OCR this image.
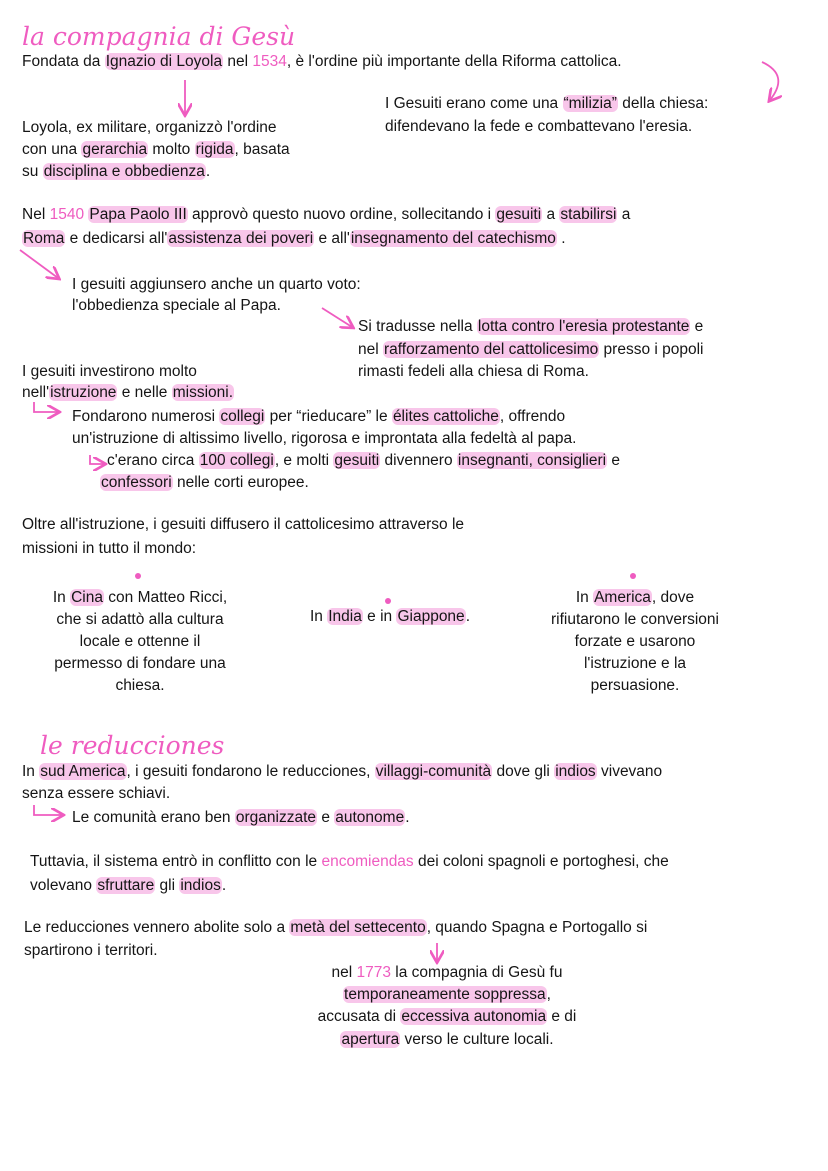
la compagnia di Gesù
Fondata da Ignazio di Loyola nel 1534, è l'ordine più importante della Riforma cattolica.
I Gesuiti erano come una “milizia” della chiesa:
difendevano la fede e combattevano l'eresia.
Loyola, ex militare, organizzò l'ordine
con una gerarchia molto rigida, basata
su disciplina e obbedienza.
Nel 1540 Papa Paolo III approvò questo nuovo ordine, sollecitando i gesuiti a stabilirsi a
Roma e dedicarsi all'assistenza dei poveri e all'insegnamento del catechismo .
I gesuiti aggiunsero anche un quarto voto:
l'obbedienza speciale al Papa.
Si tradusse nella lotta contro l'eresia protestante e
nel rafforzamento del cattolicesimo presso i popoli
rimasti fedeli alla chiesa di Roma.
I gesuiti investirono molto
nell'istruzione e nelle missioni.
Fondarono numerosi collegi per “rieducare” le élites cattoliche, offrendo
un'istruzione di altissimo livello, rigorosa e improntata alla fedeltà al papa.
c'erano circa 100 collegi, e molti gesuiti divennero insegnanti, consiglieri e
confessori nelle corti europee.
Oltre all'istruzione, i gesuiti diffusero il cattolicesimo attraverso le
missioni in tutto il mondo:
In Cina con Matteo Ricci,
che si adattò alla cultura
locale e ottenne il
permesso di fondare una
chiesa.
In India e in Giappone.
In America, dove
rifiutarono le conversioni
forzate e usarono
l'istruzione e la
persuasione.
le reducciones
In sud America, i gesuiti fondarono le reducciones, villaggi-comunità dove gli indios vivevano
senza essere schiavi.
Le comunità erano ben organizzate e autonome.
Tuttavia, il sistema entrò in conflitto con le encomiendas dei coloni spagnoli e portoghesi, che
volevano sfruttare gli indios.
Le reducciones vennero abolite solo a metà del settecento, quando Spagna e Portogallo si
spartirono i territori.
nel 1773 la compagnia di Gesù fu
temporaneamente soppressa,
accusata di eccessiva autonomia e di
apertura verso le culture locali.
